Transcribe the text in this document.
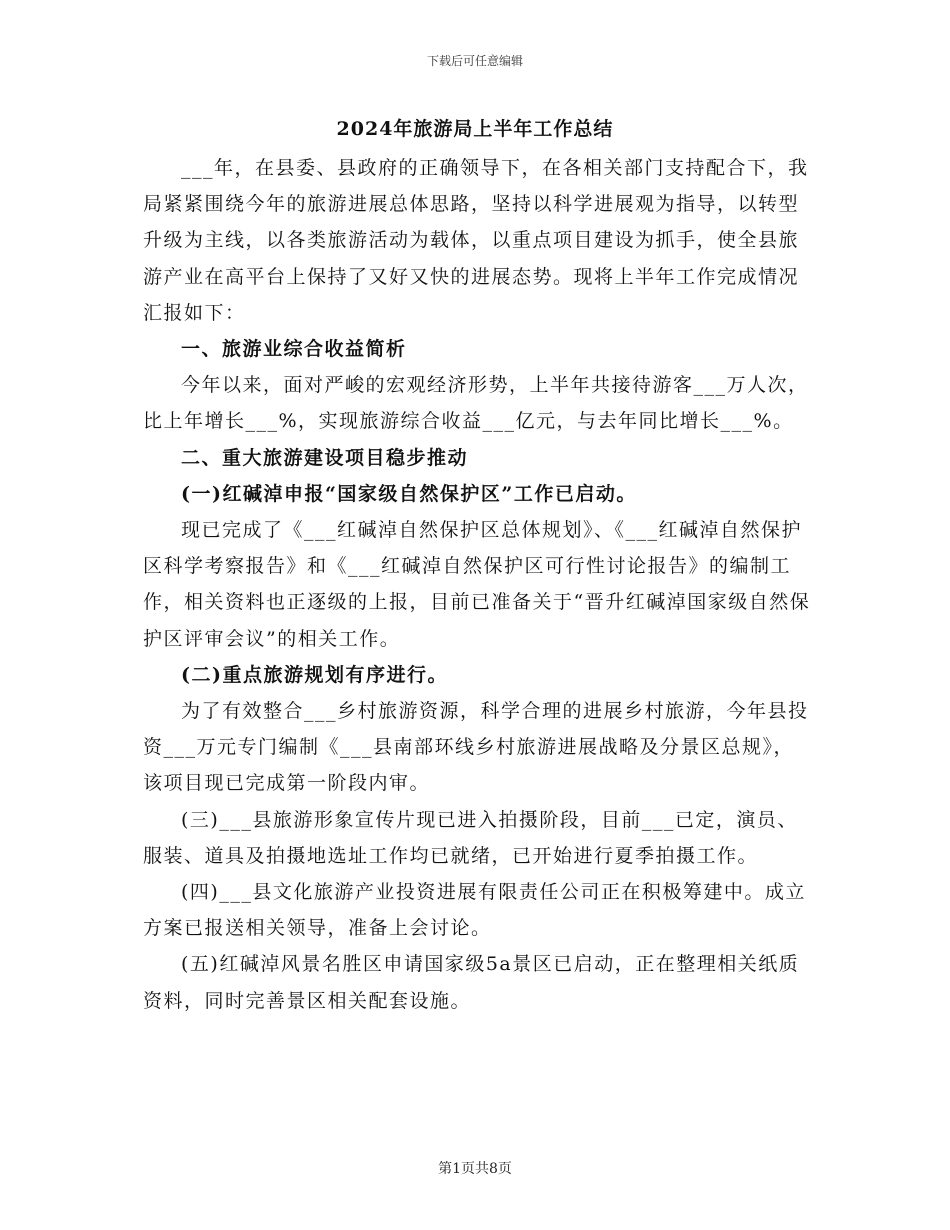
下载后可任意编辑
2024年旅游局上半年工作总结

___年，在县委、县政府的正确领导下，在各相关部门支持配合下，我局紧紧围绕今年的旅游进展总体思路，坚持以科学进展观为指导，以转型升级为主线，以各类旅游活动为载体，以重点项目建设为抓手，使全县旅游产业在高平台上保持了又好又快的进展态势。现将上半年工作完成情况汇报如下：

一、旅游业综合收益简析

今年以来，面对严峻的宏观经济形势，上半年共接待游客___万人次，比上年增长___%，实现旅游综合收益___亿元，与去年同比增长___%。

二、重大旅游建设项目稳步推动

(一)红碱淖申报“国家级自然保护区”工作已启动。

现已完成了《___红碱淖自然保护区总体规划》、《___红碱淖自然保护区科学考察报告》和《___红碱淖自然保护区可行性讨论报告》的编制工作，相关资料也正逐级的上报，目前已准备关于“晋升红碱淖国家级自然保护区评审会议”的相关工作。

(二)重点旅游规划有序进行。

为了有效整合___乡村旅游资源，科学合理的进展乡村旅游，今年县投资___万元专门编制《___县南部环线乡村旅游进展战略及分景区总规》，该项目现已完成第一阶段内审。

(三)___县旅游形象宣传片现已进入拍摄阶段，目前___已定，演员、服装、道具及拍摄地选址工作均已就绪，已开始进行夏季拍摄工作。

(四)___县文化旅游产业投资进展有限责任公司正在积极筹建中。成立方案已报送相关领导，准备上会讨论。

(五)红碱淖风景名胜区申请国家级5a景区已启动，正在整理相关纸质资料，同时完善景区相关配套设施。

第1页共8页
